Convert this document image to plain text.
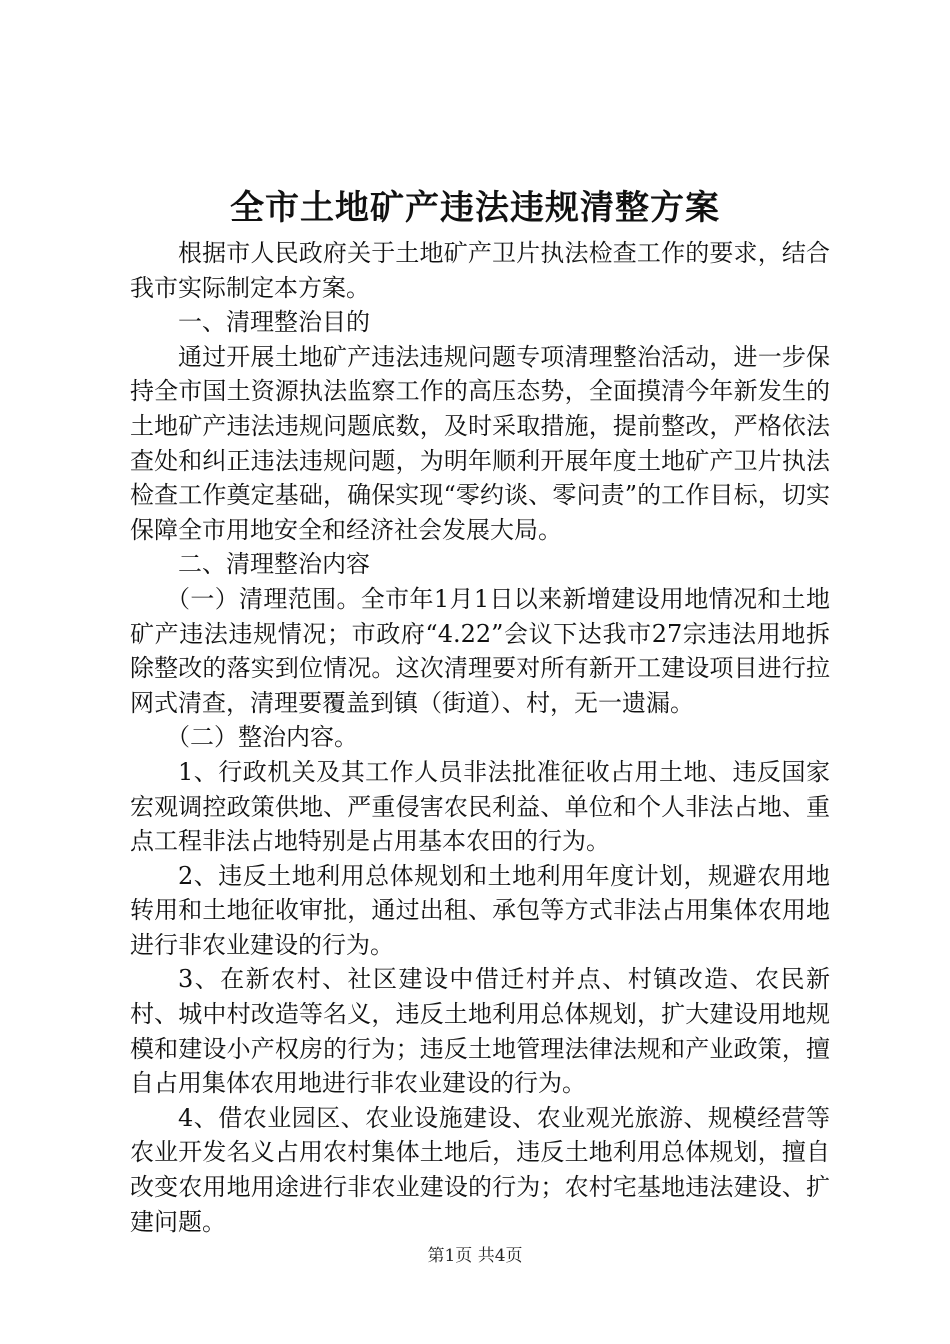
全市土地矿产违法违规清整方案

根据市人民政府关于土地矿产卫片执法检查工作的要求，结合我市实际制定本方案。

一、清理整治目的

通过开展土地矿产违法违规问题专项清理整治活动，进一步保持全市国土资源执法监察工作的高压态势，全面摸清今年新发生的土地矿产违法违规问题底数，及时采取措施，提前整改，严格依法查处和纠正违法违规问题，为明年顺利开展年度土地矿产卫片执法检查工作奠定基础，确保实现“零约谈、零问责”的工作目标，切实保障全市用地安全和经济社会发展大局。

二、清理整治内容

（一）清理范围。全市年1月1日以来新增建设用地情况和土地矿产违法违规情况；市政府“4.22”会议下达我市27宗违法用地拆除整改的落实到位情况。这次清理要对所有新开工建设项目进行拉网式清查，清理要覆盖到镇（街道）、村，无一遗漏。

（二）整治内容。

1、行政机关及其工作人员非法批准征收占用土地、违反国家宏观调控政策供地、严重侵害农民利益、单位和个人非法占地、重点工程非法占地特别是占用基本农田的行为。

2、违反土地利用总体规划和土地利用年度计划，规避农用地转用和土地征收审批，通过出租、承包等方式非法占用集体农用地进行非农业建设的行为。

3、在新农村、社区建设中借迁村并点、村镇改造、农民新村、城中村改造等名义，违反土地利用总体规划，扩大建设用地规模和建设小产权房的行为；违反土地管理法律法规和产业政策，擅自占用集体农用地进行非农业建设的行为。

4、借农业园区、农业设施建设、农业观光旅游、规模经营等农业开发名义占用农村集体土地后，违反土地利用总体规划，擅自改变农用地用途进行非农业建设的行为；农村宅基地违法建设、扩建问题。

第1页 共4页
